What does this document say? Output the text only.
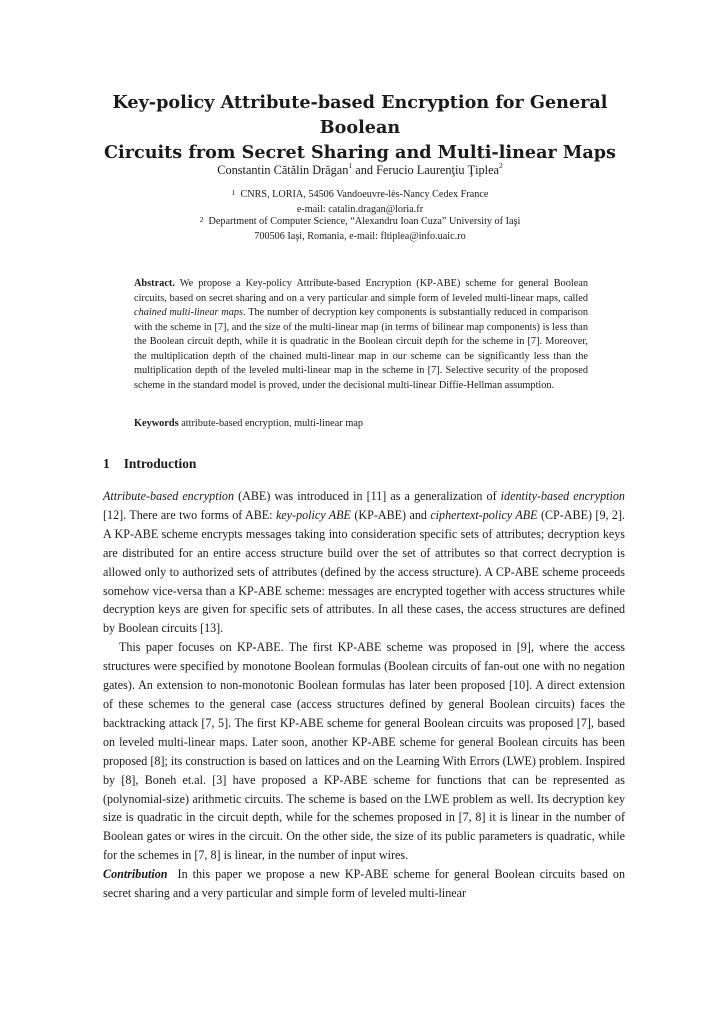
Key-policy Attribute-based Encryption for General Boolean
Circuits from Secret Sharing and Multi-linear Maps
Constantin Cătălin Drăgan$^1$ and Ferucio Laurenţiu Ţiplea$^2$
$^1$ CNRS, LORIA, 54506 Vandoeuvre-lès-Nancy Cedex France
e-mail: catalin.dragan@loria.fr
$^2$ Department of Computer Science, “Alexandru Ioan Cuza” University of Iaşi
700506 Iaşi, Romania, e-mail: fltiplea@info.uaic.ro
Abstract. We propose a Key-policy Attribute-based Encryption (KP-ABE) scheme for general Boolean circuits, based on secret sharing and on a very particular and simple form of leveled multi-linear maps, called chained multi-linear maps. The number of decryption key components is substantially reduced in comparison with the scheme in [7], and the size of the multi-linear map (in terms of bilinear map components) is less than the Boolean circuit depth, while it is quadratic in the Boolean circuit depth for the scheme in [7]. Moreover, the multiplication depth of the chained multi-linear map in our scheme can be significantly less than the multiplication depth of the leveled multi-linear map in the scheme in [7]. Selective security of the proposed scheme in the standard model is proved, under the decisional multi-linear Diffie-Hellman assumption.
Keywords attribute-based encryption, multi-linear map
1 Introduction

Attribute-based encryption (ABE) was introduced in [11] as a generalization of identity-based encryption [12]. There are two forms of ABE: key-policy ABE (KP-ABE) and ciphertext-policy ABE (CP-ABE) [9, 2]. A KP-ABE scheme encrypts messages taking into consideration specific sets of attributes; decryption keys are distributed for an entire access structure build over the set of attributes so that correct decryption is allowed only to authorized sets of attributes (defined by the access structure). A CP-ABE scheme proceeds somehow vice-versa than a KP-ABE scheme: messages are encrypted together with access structures while decryption keys are given for specific sets of attributes. In all these cases, the access structures are defined by Boolean circuits [13].

This paper focuses on KP-ABE. The first KP-ABE scheme was proposed in [9], where the access structures were specified by monotone Boolean formulas (Boolean circuits of fan-out one with no negation gates). An extension to non-monotonic Boolean formulas has later been proposed [10]. A direct extension of these schemes to the general case (access structures defined by general Boolean circuits) faces the backtracking attack [7, 5]. The first KP-ABE scheme for general Boolean circuits was proposed [7], based on leveled multi-linear maps. Later soon, another KP-ABE scheme for general Boolean circuits has been proposed [8]; its construction is based on lattices and on the Learning With Errors (LWE) problem. Inspired by [8], Boneh et.al. [3] have proposed a KP-ABE scheme for functions that can be represented as (polynomial-size) arithmetic circuits. The scheme is based on the LWE problem as well. Its decryption key size is quadratic in the circuit depth, while for the schemes proposed in [7, 8] it is linear in the number of Boolean gates or wires in the circuit. On the other side, the size of its public parameters is quadratic, while for the schemes in [7, 8] is linear, in the number of input wires.

Contribution In this paper we propose a new KP-ABE scheme for general Boolean circuits based on secret sharing and a very particular and simple form of leveled multi-linear
